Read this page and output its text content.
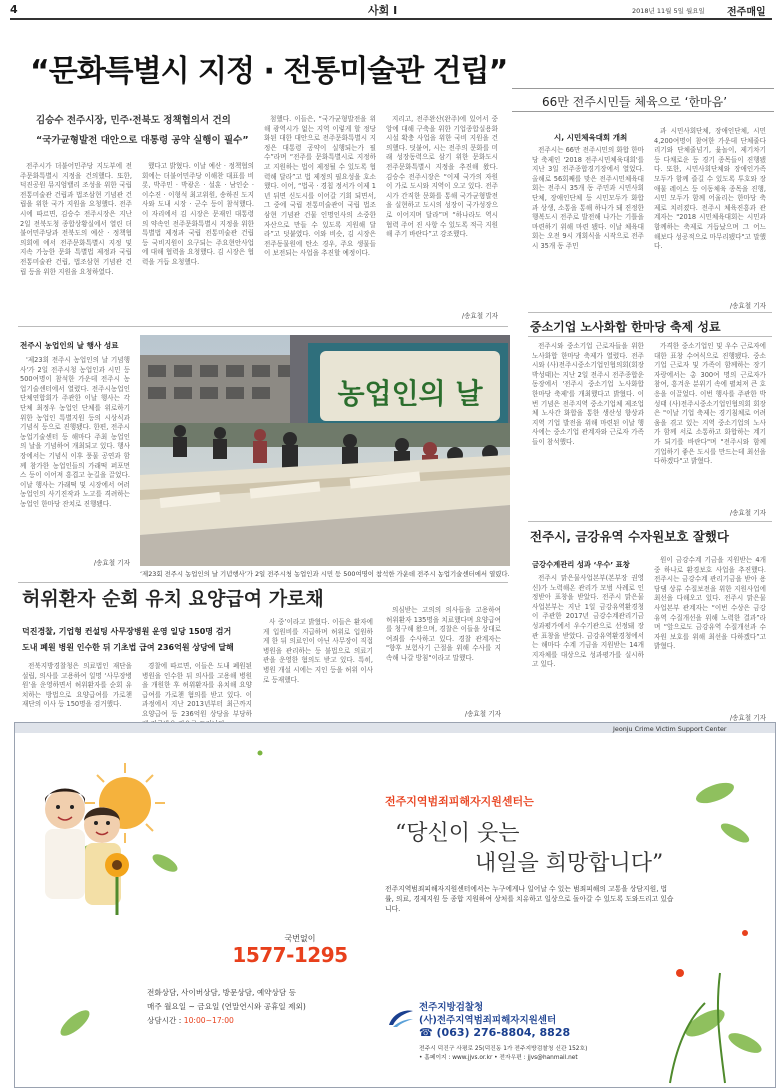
4	사회 I	2018년 11월 5일 월요일 전주매일
“문화특별시 지정 · 전통미술관 건립”
김승수 전주시장, 민주·전북도 정책협의서 건의
“국가균형발전 대안으로 대통령 공약 실행이 필수”

전주시가 더불어민주당 지도부에 전주문화특별시 지정을 건의했다. 또한, 덕진공원 뮤지엄밸리 조성을 위한 국립 전통미술관 건립과 법조삼현 기념관 건립을 위한 국가 지원을 요청했다. 전주시에 따르면, 김승수 전주시장은 지난 2일 전북도청 종합상황실에서 열린 더불어민주당과 전북도의 예산 · 정책협의회에 에서 전주문화특별시 지정 및 지속 가능한 문화 특별법 제정과 국립 전통미술관 건립, 법조삼현 기념관 건립 등을 위한 지원을 요청하였다.

했다고 밝혔다. 이날 예산 · 정책협의회에는 더불어민주당 이해찬 대표를 비롯, 박주민 · 박광온 · 설훈 · 남인순 · 이수진 · 이형석 최고위원, 송하진 도지사와 도내 시장 · 군수 등이 참석했다. 이 자리에서 김 시장은 문재인 대통령의 약속인 전주문화특별시 지정을 위한 특별법 제정과 국립 전통미술관 건립 등 국비지원이 요구되는 주요현안사업에 대해 협력을 요청했다. 김 시장은 협력을 거듭 요청했다.

첨했다. 이들은, “국가균형발전을 위해 광역시가 없는 지역 이렇게 할 정당화된 대한 대안으로 전주문화특별시 지정은 대통령 공약이 실행되는가 필수”라며 “전주를 문화특별시로 지정하고 지원하는 법이 제정될 수 있도록 협력해 달라”고 법 제정의 필요성을 호소했다. 이어, “법곡 · 경칩 정서가 이제 1년 뒤면 신도시를 이어갈 기회 되면서, 그 중에 국립 전통미술관이 국립 법조삼현 기념관 건물 인명인사의 소중한 자산으로 만들 수 있도록 지원해 달라”고 덧붙였다. 이와 비슷, 김 시장은 전주동물원에 탄소 경우, 주요 생물들이 보전되는 사업을 추진할 예정이다.

지리고, 전주완산(완주)에 있어서 중앙에 대해 구축을 위한 기업종합실용화시설 확충 사업을 위한 국비 지원을 건의했다. 덧붙여, 시는 전주의 문화를 미래 성장동력으로 삼기 위한 문화도시 전주문화특별시 지정을 추진해 왔다. 김승수 전주시장은 “이제 국가의 자원이 가로 도시와 지역이 오고 있다. 전주시가 간직한 문화를 통해 국가균형발전을 실현하고 도시의 성장이 국가성장으로 이어지며 달라”며 “하나라도 역시 협력 주어 진 사항 수 있도록 적극 지원해 주기 바란다”고 강조했다.

/송효철 기자
66만 전주시민들 체육으로 ‘한마음’
시, 시민체육대회 개최

전주시는 66만 전주시민의 화합 한마당 축제인 '2018 전주시민체육대회'를 지난 3일 전주종합경기장에서 열었다. 올해로 56회째를 맞은 전주시민체육대회는 전주시 35개 동 주민과 시민사회단체, 장애인단체 등 시민모두가 화합과 상생, 소통을 통해 하나가 돼 진정한 행복도시 전주로 발전해 나가는 기틀을 마련하기 위해 마련 됐다. 이날 체육대회는 오전 9시 개회식을 시작으로 전주시 35개 동 주민

과 시민사회단체, 장애인단체, 시민 4,200여명이 참여한 가운데 단체줄다리기와 단체줄넘기, 윷놀이, 제기차기 등 다채로운 등 경기 종목들이 진행됐다. 또한, 시민사회단체와 장애인가족 모두가 함께 즐길 수 있도록 투호와 장애물 레이스 등 이동체육 종목을 진행, 시민 모두가 함께 어울리는 한마당 축제로 치러졌다. 전주시 체육진흥과 관계자는 "2018 시민체육대회는 시민과 함께하는 축제로 거듭났으며 그 어느 해보다 성공적으로 마무리됐다"고 말했다.

/송효철 기자
전주시 농업인의 날 행사 성료

'제23회 전주시 농업인의 날 기념행사'가 2일 전주시청 농업인과 시민 등 500여명이 참석한 가운데 전주시 농업기술센터에서 열렸다. 전주시농업인단체연합회가 주관한 이날 행사는 각 단체 최정우 농업인 단체를 위로하기 위한 농업인 특별지원 등의 시상식과 기념식 등으로 진행됐다. 한편, 전주시 농업기술센터 등 해마다 주최 농업인의 날을 기념하여 개최되고 있다. 행사장에서는 기념식 이후 풍물 공연과 함께 참가한 농업인들의 가래떡 퍼포먼스 등이 이어져 흥겹고 눈길을 끌었다. 이날 행사는 가래떡 및 시장에서 여러 농업인의 사기진작과 노고를 격려하는 농업인 한마당 잔치로 진행됐다.

/송효철 기자
농업인의 날
‘제23회 전주시 농업인의 날 기념행사’가 2일 전주시청 농업인과 시민 등 500여명이 참석한 가운데 전주시 농업기술센터에서 열렸다.
중소기업 노사화합 한마당 축제 성료

전주시와 중소기업 근로자들을 위한 노사화합 한마당 축제가 열렸다. 전주시와 (사)전주시중소기업인협의회(회장 박성태)는 지난 2일 전주시 전주종합운동장에서 '전주시 중소기업 노사화합 한마당 축제'를 개최했다고 밝혔다. 이번 기념은 전주지역 중소기업체 제조업체 노사간 화합을 통한 생산성 향상과 지역 기업 발전을 위해 마련된 이날 행사에는 중소기업 관계자와 근로자 가족들이 참석했다.

가격한 중소기업인 및 우수 근로자에 대한 표창 수여식으로 진행됐다. 중소기업 근로자 및 가족이 함께하는 장기자랑에서는 총 300여 명의 근로자가 참여, 흥겨운 분위기 속에 펼쳐져 큰 호응을 이끌었다. 이번 행사를 주관한 박성태 (사)전주시중소기업인협의회 회장은 "이날 기업 축제는 경기침체로 어려움을 겪고 있는 지역 중소기업의 노사가 함께 서로 소통하고 화합하는 계기가 되기를 바란다"며 "전주시와 함께 기업하기 좋은 도시를 만드는데 최선을 다하겠다"고 밝혔다.

/송효철 기자
전주시, 금강유역 수자원보호 잘했다
금강수계관리 성과 ‘우수’ 표창

전주시 맑은물사업본부(본부장 권영신)가 노력해온 관리가 모범 사례로 인정받아 표창을 받았다. 전주시 맑은물사업본부는 지난 1일 금강유역환경청이 주관한 2017년 금강수계관리기금 성과평가에서 우수기관으로 선정돼 장관 표창을 받았다. 금강유역환경청에서는 해마다 수계 기금을 지원받는 14개 지자체를 대상으로 성과평가를 실시하고 있다.

원이 금강수계 기금을 지원받는 4개 중 하나로 환경보호 사업을 추진했다. 전주시는 금강수계 관리기금을 받아 용담댐 상류 수질보전을 위한 지원사업에 최선을 다해오고 있다. 전주시 맑은물사업본부 관계자는 “이번 수상은 금강유역 수질개선을 위해 노력한 결과”라며 “앞으로도 금강유역 수질개선과 수자원 보호를 위해 최선을 다하겠다”고 밝혔다.

/송효철 기자
허위환자 순회 유치 요양급여 가로채
덕진경찰, 기업형 컨설팅 사무장병원 운영 일당 150명 검거
도내 폐원 병원 인수한 뒤 기초법 급여 236억원 상당에 달해

전북지방경찰청은 의료법인 재단을 설립, 의사를 고용하여 일명 ‘사무장병원’을 운영하면서 허위환자를 순회 유치하는 방법으로 요양급여를 가로챈 재단의 이사 등 150명을 검거했다.

경찰에 따르면, 이들은 도내 폐원된 병원을 인수한 뒤 의사를 고용해 병원을 개원한 후 허위환자를 유치해 요양급여를 가로챈 혐의를 받고 있다. 이 과정에서 지난 2013년부터 최근까지 요양급여 등 236억원 상당을 부당하

사 중’이라고 밝혔다. 이들은 환자에게 입원비를 지급하며 허위로 입원하게 한 뒤 의료인이 아닌 사무장이 직접 병원을 관리하는 등 불법으로 의료기관을 운영한 혐의도 받고 있다. 특히, 병원 개설 시에는 지인 등을 허위 이사로 등재했다.

의심받는 고의의 의사들을 고용하여 허위환자 135명을 치료했다며 요양급여를 청구해 왔으며, 경찰은 이들을 상대로 여죄를 수사하고 있다. 경찰 관계자는 "향후 보험사기 근절을 위해 수사를 지속해 나갈 방침"이라고 말했다.

/송효철 기자
Jeonju Crime Victim Support Center
국번없이
1577-1295
전주지역범죄피해자지원센터는
“당신이 웃는
내일을 희망합니다”
전주지역범죄피해자지원센터에서는 누구에게나 일어날 수 있는 범죄피해의 고통을 상담지원, 법률, 의료, 경제지원 등 종합 지원하여 상처를 치유하고 일상으로 돌아갈 수 있도록 도와드리고 있습니다.
전화상담, 사이버상담, 방문상담, 예약상담 등
매주 월요일 ~ 금요일 (연말연시와 공휴일 제외)
상담시간 : 10:00~17:00
전주지방검찰청
(사)전주지역범죄피해자지원센터
☎ (063) 276-8804, 8828
전주시 덕진구 사평로 25(덕진동 1가 전주지방검찰청 신관 152호)
• 홈페이지 : www.jjvs.or.kr • 전자우편 : jjvs@hanmail.net
